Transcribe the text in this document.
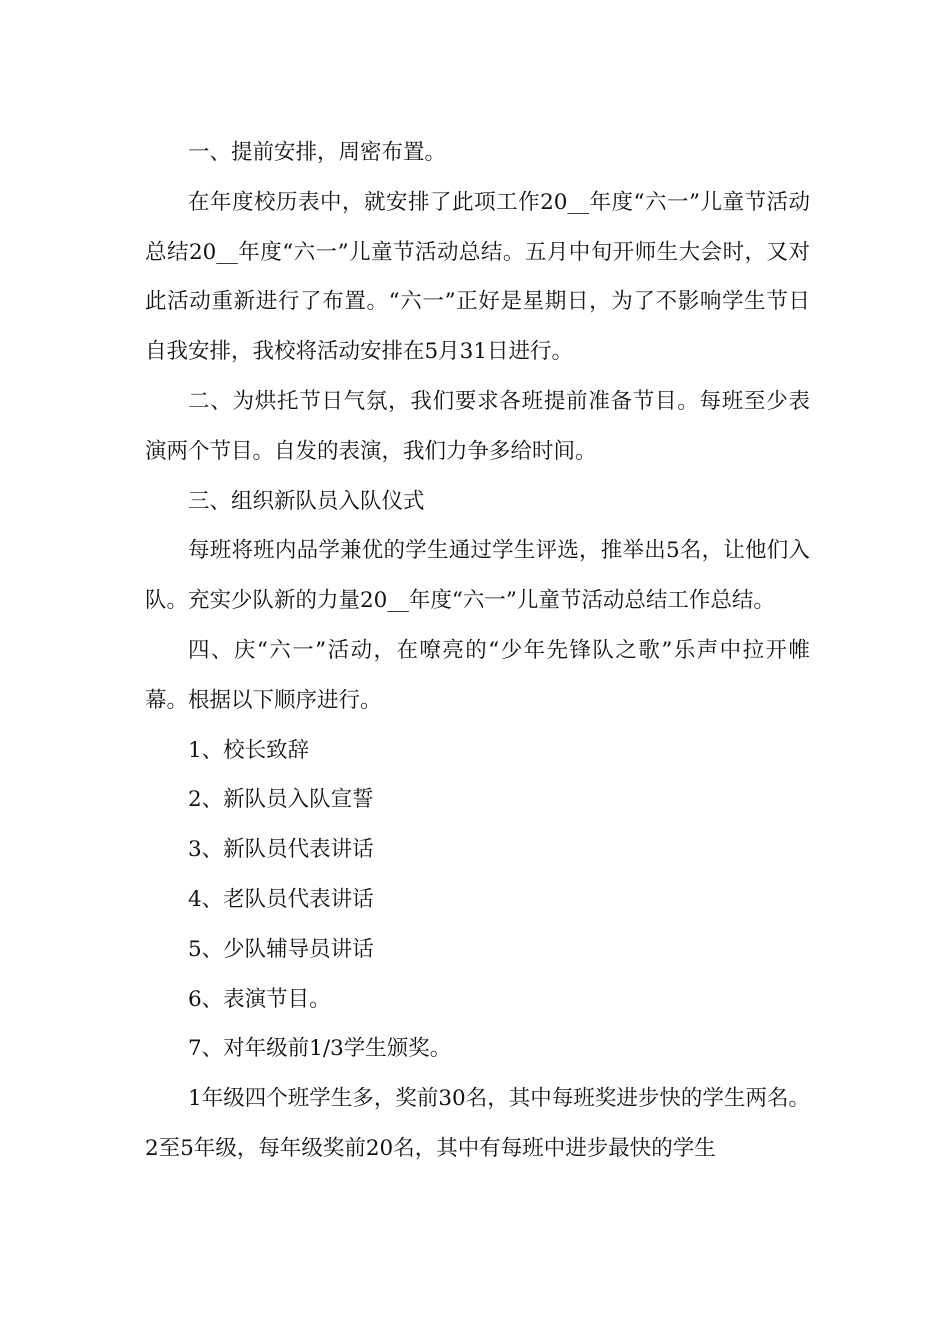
一、提前安排，周密布置。

在年度校历表中，就安排了此项工作20__年度“六一”儿童节活动总结20__年度“六一”儿童节活动总结。五月中旬开师生大会时，又对此活动重新进行了布置。“六一”正好是星期日，为了不影响学生节日自我安排，我校将活动安排在5月31日进行。

二、为烘托节日气氛，我们要求各班提前准备节目。每班至少表演两个节目。自发的表演，我们力争多给时间。

三、组织新队员入队仪式

每班将班内品学兼优的学生通过学生评选，推举出5名，让他们入队。充实少队新的力量20__年度“六一”儿童节活动总结工作总结。

四、庆“六一”活动，在嘹亮的“少年先锋队之歌”乐声中拉开帷幕。根据以下顺序进行。

1、校长致辞

2、新队员入队宣誓

3、新队员代表讲话

4、老队员代表讲话

5、少队辅导员讲话

6、表演节目。

7、对年级前1/3学生颁奖。

1年级四个班学生多，奖前30名，其中每班奖进步快的学生两名。2至5年级，每年级奖前20名，其中有每班中进步最快的学生
